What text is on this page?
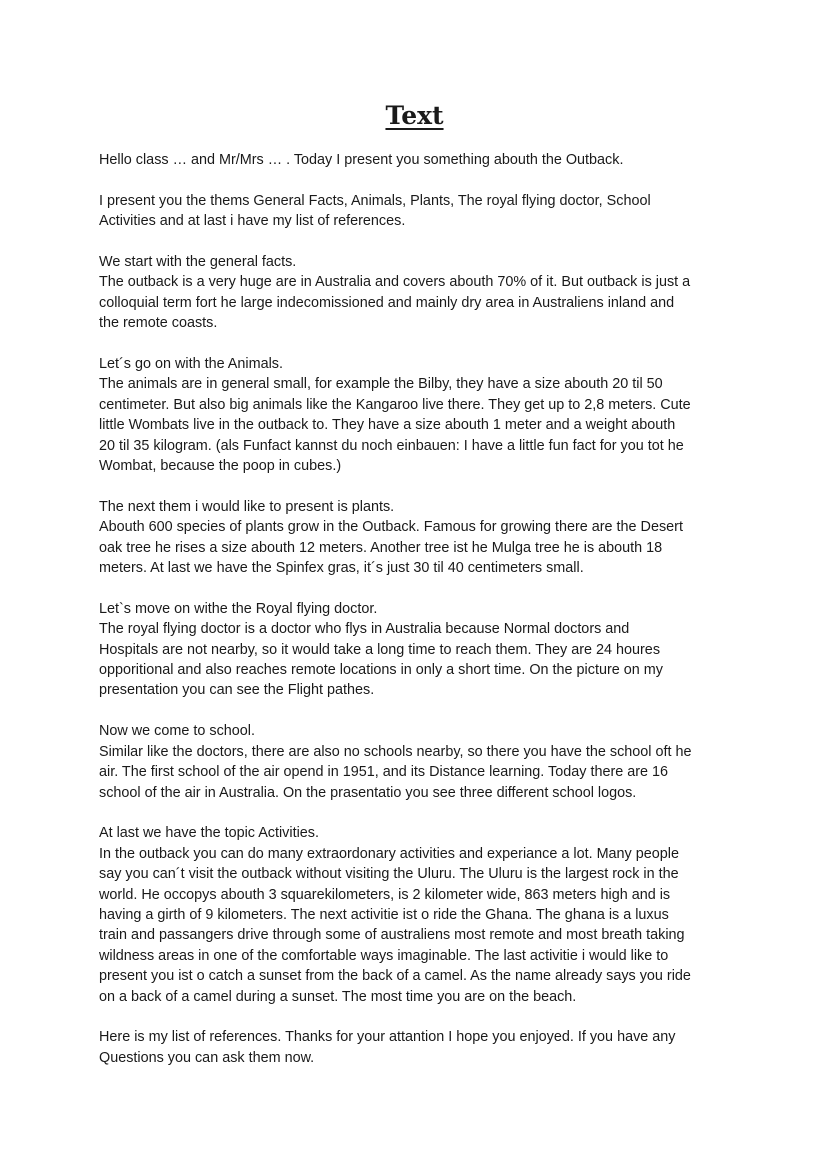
Text
Hello class … and Mr/Mrs … . Today I present you something abouth the Outback.
I present you the thems General Facts, Animals, Plants, The royal flying doctor, School
Activities and at last i have my list of references.
We start with the general facts.
The outback is a very huge are in Australia and covers abouth 70% of it. But outback is just a
colloquial term fort he large indecomissioned and mainly dry area in Australiens inland and
the remote coasts.
Let´s go on with the Animals.
The animals are in general small, for example the Bilby, they have a size abouth 20 til 50
centimeter. But also big animals like the Kangaroo live there. They get up to 2,8 meters. Cute
little Wombats live in the outback to. They have a size abouth 1 meter and a weight abouth
20 til 35 kilogram. (als Funfact kannst du noch einbauen: I have a little fun fact for you tot he
Wombat, because the poop in cubes.)
The next them i would like to present is plants.
Abouth 600 species of plants grow in the Outback. Famous for growing there are the Desert
oak tree he rises a size abouth 12 meters. Another tree ist he Mulga tree he is abouth 18
meters. At last we have the Spinfex gras, it´s just 30 til 40 centimeters small.
Let`s move on withe the Royal flying doctor.
The royal flying doctor is a doctor who flys in Australia because Normal doctors and
Hospitals are not nearby, so it would take a long time to reach them. They are 24 houres
opporitional and also reaches remote locations in only a short time. On the picture on my
presentation you can see the Flight pathes.
Now we come to school.
Similar like the doctors, there are also no schools nearby, so there you have the school oft he
air. The first school of the air opend in 1951, and its Distance learning. Today there are 16
school of the air in Australia. On the prasentatio you see three different school logos.
At last we have the topic Activities.
In the outback you can do many extraordonary activities and experiance a lot. Many people
say you can´t visit the outback without visiting the Uluru. The Uluru is the largest rock in the
world. He occopys abouth 3 squarekilometers, is 2 kilometer wide, 863 meters high and is
having a girth of 9 kilometers. The next activitie ist o ride the Ghana. The ghana is a luxus
train and passangers drive through some of australiens most remote and most breath taking
wildness areas in one of the comfortable ways imaginable. The last activitie i would like to
present you ist o catch a sunset from the back of a camel. As the name already says you ride
on a back of a camel during a sunset. The most time you are on the beach.
Here is my list of references. Thanks for your attantion I hope you enjoyed. If you have any
Questions you can ask them now.
